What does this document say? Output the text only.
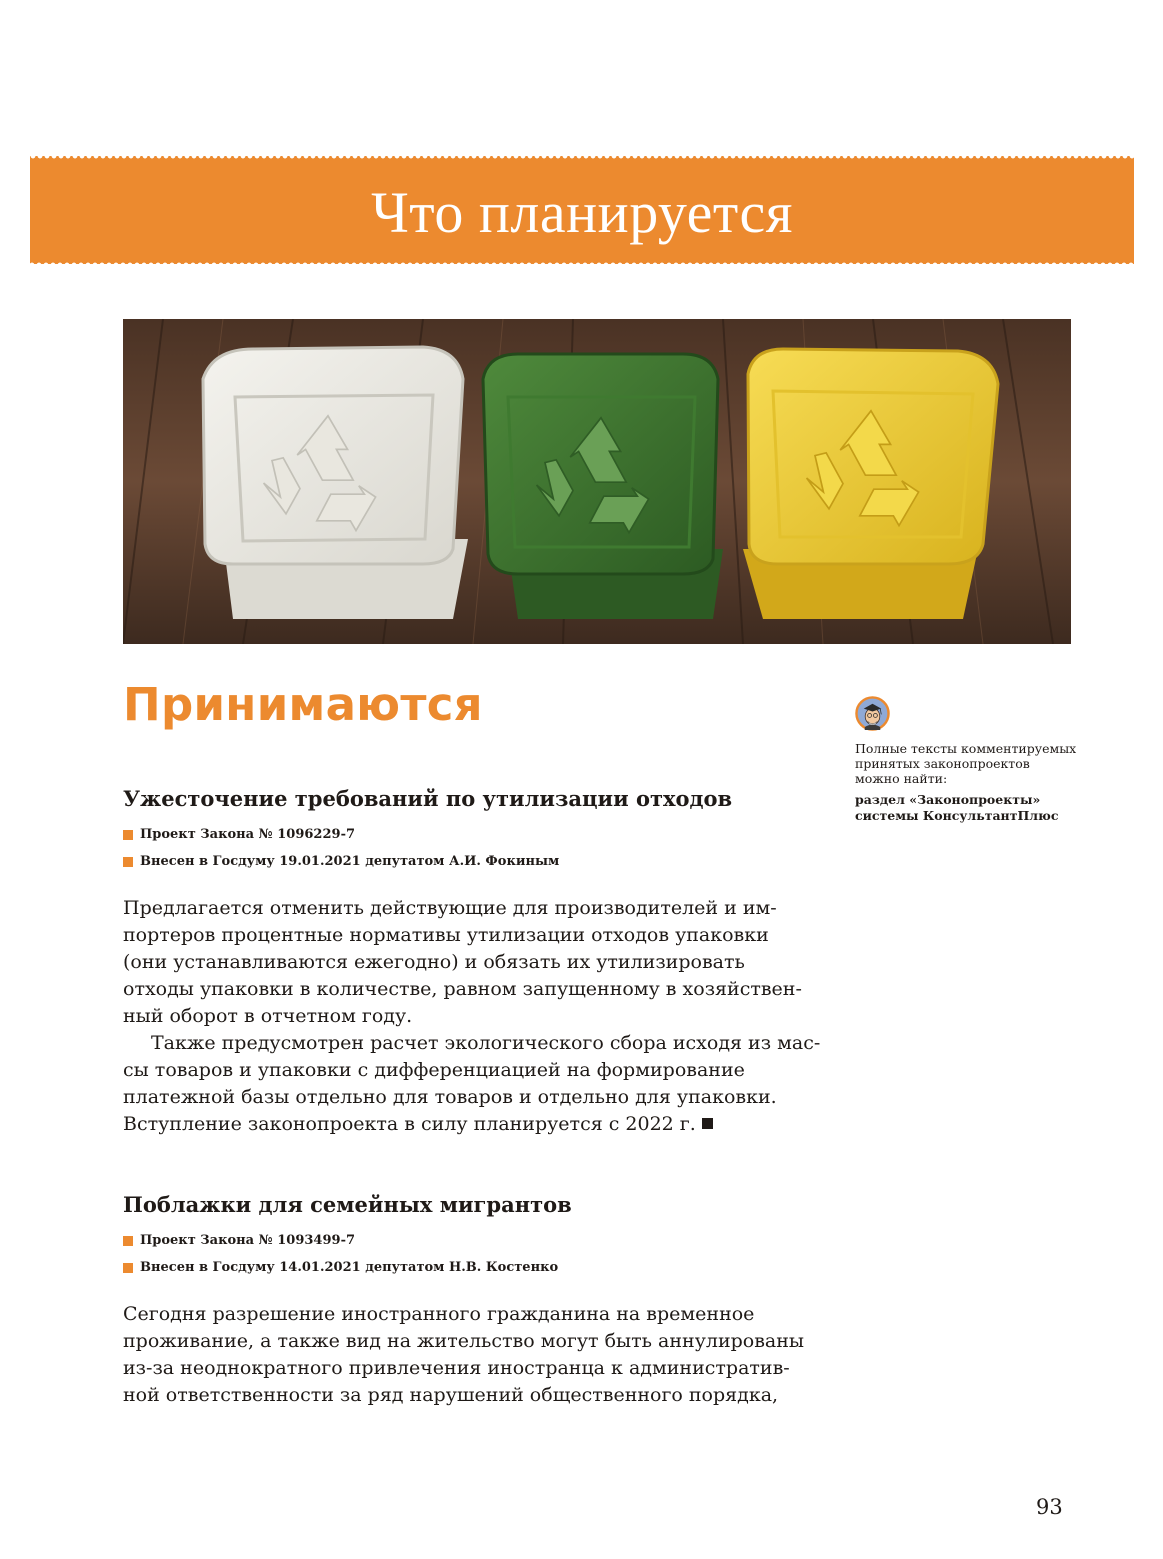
Что планируется
Принимаются
Ужесточение требований по утилизации отходов
Проект Закона № 1096229-7
Внесен в Госдуму 19.01.2021 депутатом А.И. Фокиным
Предлагается отменить действующие для производителей и им-
портеров процентные нормативы утилизации отходов упаковки
(они устанавливаются ежегодно) и обязать их утилизировать
отходы упаковки в количестве, равном запущенному в хозяйствен-
ный оборот в отчетном году.
Также предусмотрен расчет экологического сбора исходя из мас-
сы товаров и упаковки с дифференциацией на формирование
платежной базы отдельно для товаров и отдельно для упаковки.
Вступление законопроекта в силу планируется с 2022 г.
Поблажки для семейных мигрантов
Проект Закона № 1093499-7
Внесен в Госдуму 14.01.2021 депутатом Н.В. Костенко
Сегодня разрешение иностранного гражданина на временное
проживание, а также вид на жительство могут быть аннулированы
из-за неоднократного привлечения иностранца к административ-
ной ответственности за ряд нарушений общественного порядка,
Полные тексты комментируемых
принятых законопроектов
можно найти:
раздел «Законопроекты»
системы КонсультантПлюс
93
